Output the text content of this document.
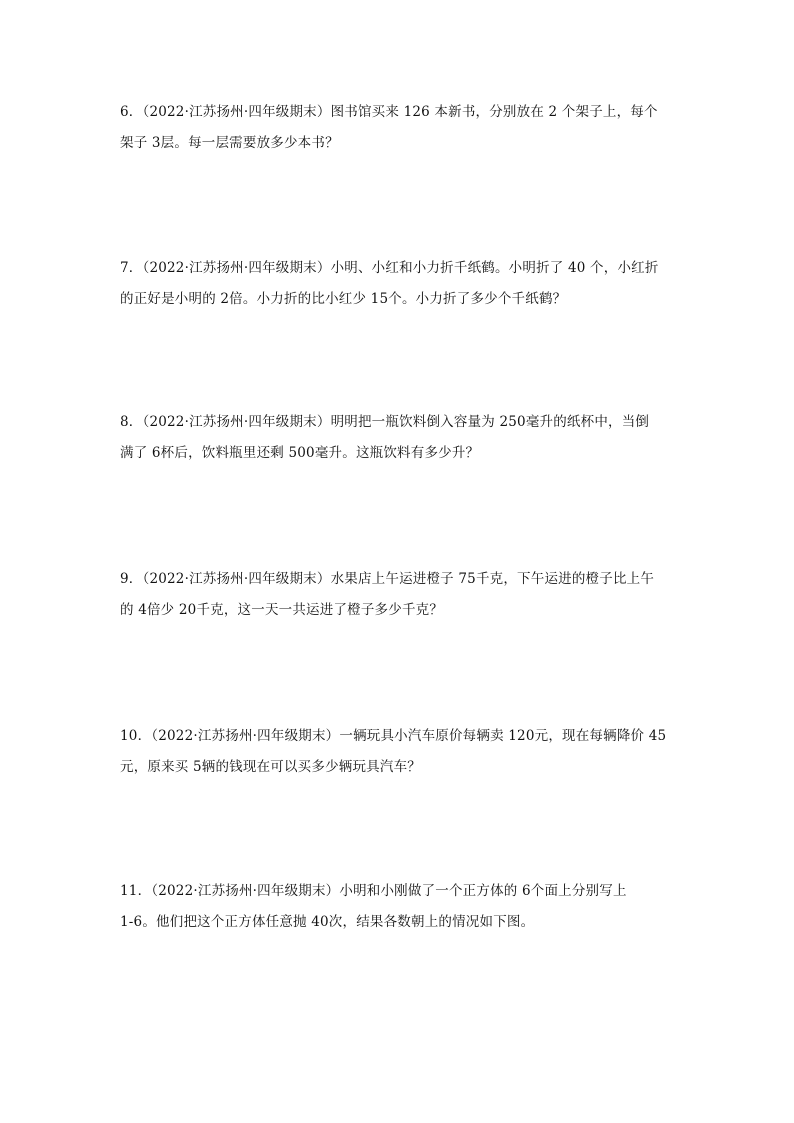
6．（2022·江苏扬州·四年级期末）图书馆买来 126 本新书，分别放在 2 个架子上，每个
架子 3层。每一层需要放多少本书？
7．（2022·江苏扬州·四年级期末）小明、小红和小力折千纸鹤。小明折了 40 个，小红折
的正好是小明的 2倍。小力折的比小红少 15个。小力折了多少个千纸鹤？
8．（2022·江苏扬州·四年级期末）明明把一瓶饮料倒入容量为 250毫升的纸杯中，当倒
满了 6杯后，饮料瓶里还剩 500毫升。这瓶饮料有多少升？
9．（2022·江苏扬州·四年级期末）水果店上午运进橙子 75千克，下午运进的橙子比上午
的 4倍少 20千克，这一天一共运进了橙子多少千克？
10．（2022·江苏扬州·四年级期末）一辆玩具小汽车原价每辆卖 120元，现在每辆降价 45
元，原来买 5辆的钱现在可以买多少辆玩具汽车？
11．（2022·江苏扬州·四年级期末）小明和小刚做了一个正方体的 6个面上分别写上
1-6。他们把这个正方体任意抛 40次，结果各数朝上的情况如下图。
